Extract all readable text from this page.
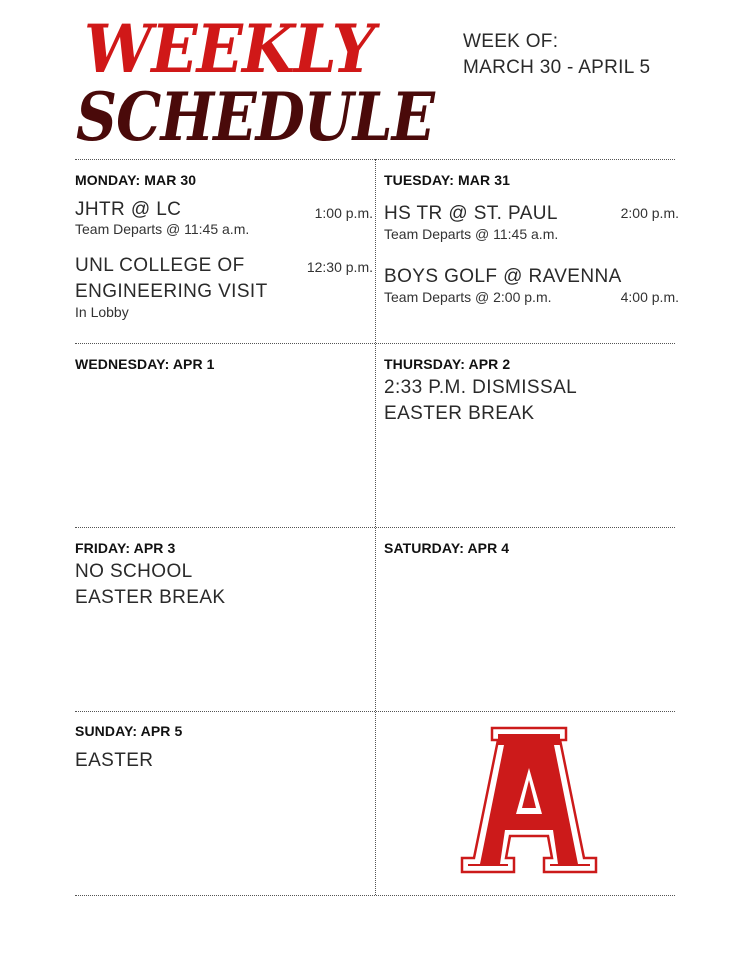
WEEKLY
SCHEDULE
WEEK OF:
MARCH 30 - APRIL 5
MONDAY: MAR 30
JHTR @ LC	1:00 p.m.
Team Departs @ 11:45 a.m.
UNL COLLEGE OF	12:30 p.m.
ENGINEERING VISIT
In Lobby
TUESDAY: MAR 31
HS TR @ ST. PAUL	2:00 p.m.
Team Departs @ 11:45 a.m.
BOYS GOLF @ RAVENNA
Team Departs @ 2:00 p.m.	4:00 p.m.
WEDNESDAY: APR 1	THURSDAY: APR 2
2:33 P.M. DISMISSAL
EASTER BREAK
FRIDAY: APR 3
NO SCHOOL
EASTER BREAK
SATURDAY: APR 4
SUNDAY: APR 5
EASTER
